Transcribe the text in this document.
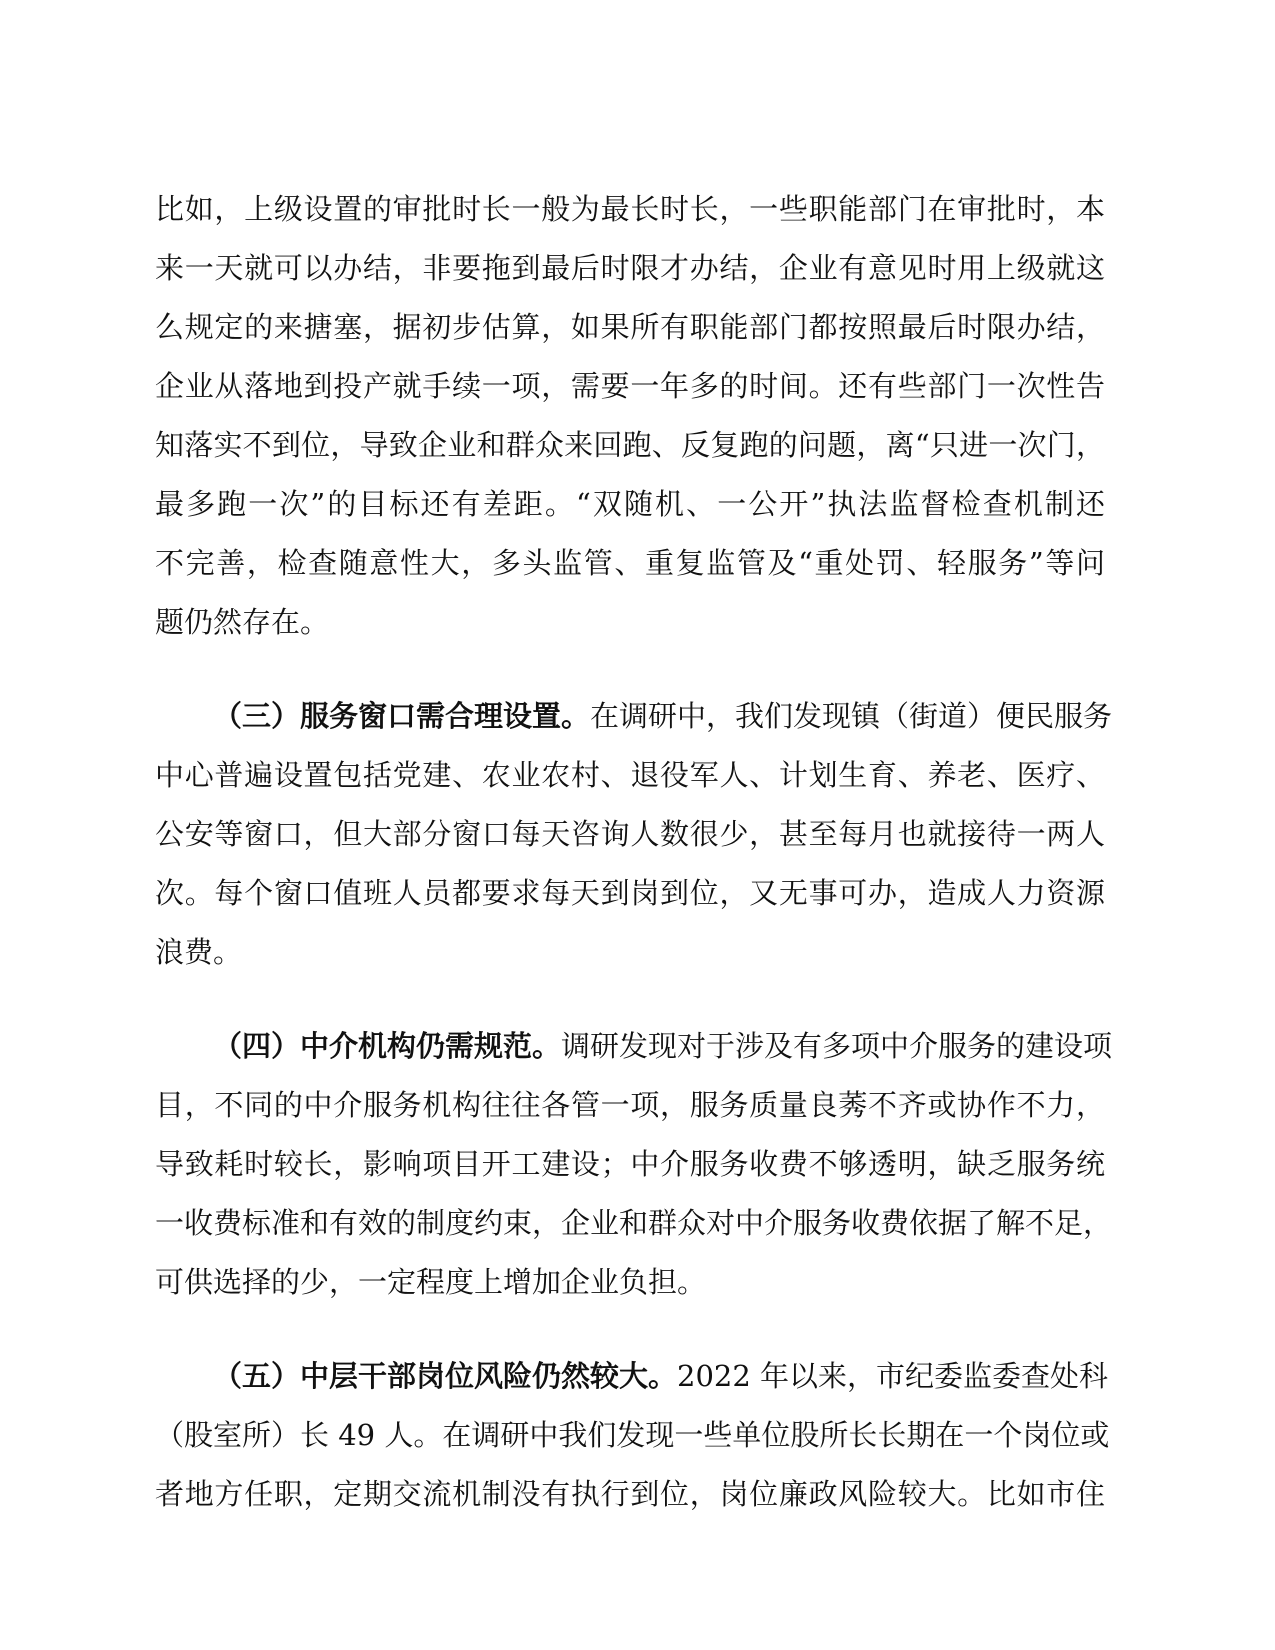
比如，上级设置的审批时长一般为最长时长，一些职能部门在审批时，本
来一天就可以办结，非要拖到最后时限才办结，企业有意见时用上级就这
么规定的来搪塞，据初步估算，如果所有职能部门都按照最后时限办结，
企业从落地到投产就手续一项，需要一年多的时间。还有些部门一次性告
知落实不到位，导致企业和群众来回跑、反复跑的问题，离“只进一次门，
最多跑一次”的目标还有差距。“双随机、一公开”执法监督检查机制还
不完善，检查随意性大，多头监管、重复监管及“重处罚、轻服务”等问
题仍然存在。
（三）服务窗口需合理设置。在调研中，我们发现镇（街道）便民服务
中心普遍设置包括党建、农业农村、退役军人、计划生育、养老、医疗、
公安等窗口，但大部分窗口每天咨询人数很少，甚至每月也就接待一两人
次。每个窗口值班人员都要求每天到岗到位，又无事可办，造成人力资源
浪费。
（四）中介机构仍需规范。调研发现对于涉及有多项中介服务的建设项
目，不同的中介服务机构往往各管一项，服务质量良莠不齐或协作不力，
导致耗时较长，影响项目开工建设；中介服务收费不够透明，缺乏服务统
一收费标准和有效的制度约束，企业和群众对中介服务收费依据了解不足，
可供选择的少，一定程度上增加企业负担。
（五）中层干部岗位风险仍然较大。2022 年以来，市纪委监委查处科
（股室所）长 49 人。在调研中我们发现一些单位股所长长期在一个岗位或
者地方任职，定期交流机制没有执行到位，岗位廉政风险较大。比如市住
